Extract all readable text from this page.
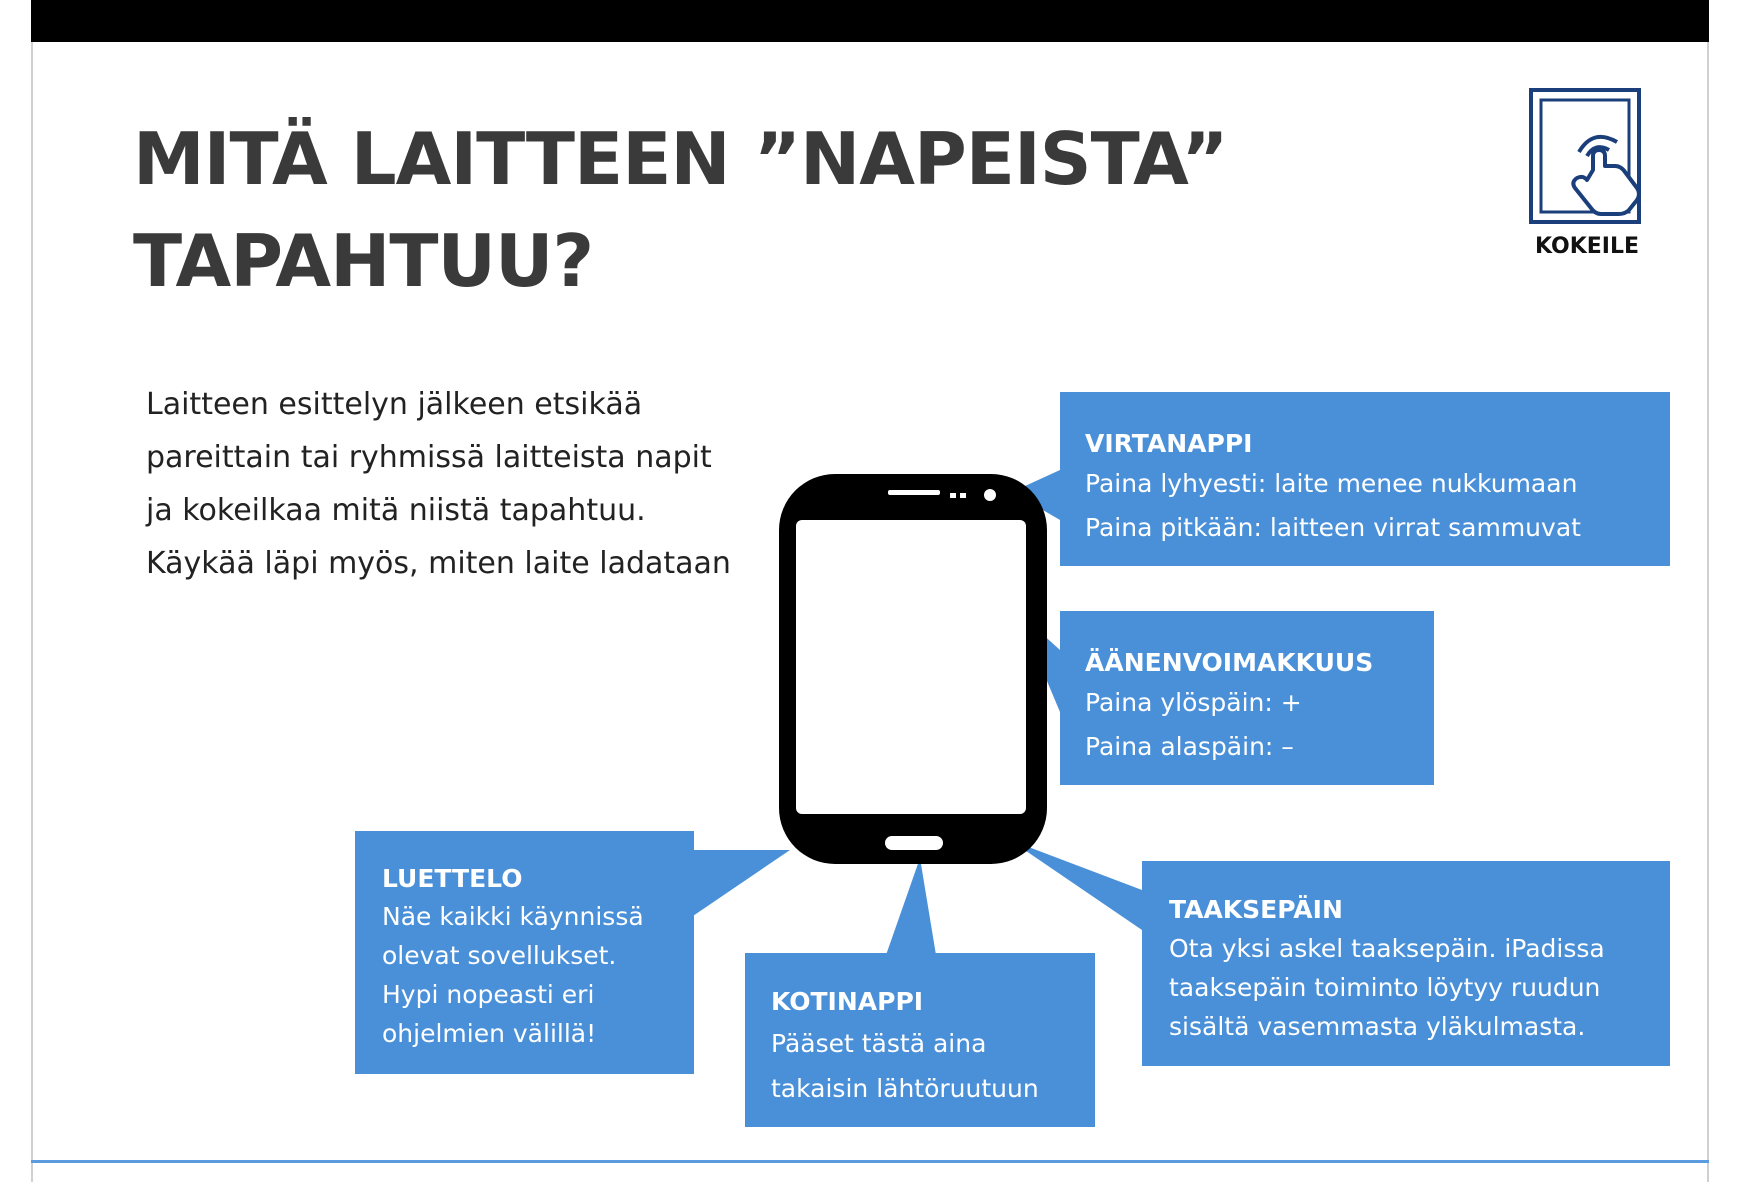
MITÄ LAITTEEN ”NAPEISTA”
TAPAHTUU?	KOKEILE
Laitteen esittelyn jälkeen etsikää
pareittain tai ryhmissä laitteista napit
ja kokeilkaa mitä niistä tapahtuu.
Käykää läpi myös, miten laite ladataan
VIRTANAPPI
Paina lyhyesti: laite menee nukkumaan
Paina pitkään: laitteen virrat sammuvat
ÄÄNENVOIMAKKUUS
Paina ylöspäin: +
Paina alaspäin: –
LUETTELO
Näe kaikki käynnissä
olevat sovellukset.
Hypi nopeasti eri
ohjelmien välillä!
KOTINAPPI
Pääset tästä aina
takaisin lähtöruutuun
TAAKSEPÄIN
Ota yksi askel taaksepäin. iPadissa
taaksepäin toiminto löytyy ruudun
sisältä vasemmasta yläkulmasta.
